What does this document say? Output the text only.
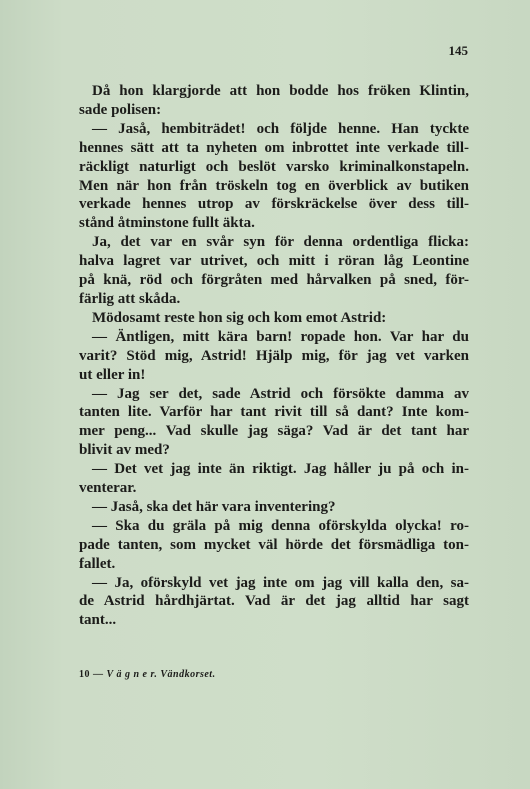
145
Då hon klargjorde att hon bodde hos fröken Klintin,
sade polisen:
— Jaså, hembiträdet! och följde henne. Han tyckte
hennes sätt att ta nyheten om inbrottet inte verkade till-
räckligt naturligt och beslöt varsko kriminalkonstapeln.
Men när hon från tröskeln tog en överblick av butiken
verkade hennes utrop av förskräckelse över dess till-
stånd åtminstone fullt äkta.
Ja, det var en svår syn för denna ordentliga flicka:
halva lagret var utrivet, och mitt i röran låg Leontine
på knä, röd och förgråten med hårvalken på sned, för-
färlig att skåda.
Mödosamt reste hon sig och kom emot Astrid:
— Äntligen, mitt kära barn! ropade hon. Var har du
varit? Stöd mig, Astrid! Hjälp mig, för jag vet varken
ut eller in!
— Jag ser det, sade Astrid och försökte damma av
tanten lite. Varför har tant rivit till så dant? Inte kom-
mer peng... Vad skulle jag säga? Vad är det tant har
blivit av med?
— Det vet jag inte än riktigt. Jag håller ju på och in-
venterar.
— Jaså, ska det här vara inventering?
— Ska du gräla på mig denna oförskylda olycka! ro-
pade tanten, som mycket väl hörde det försmädliga ton-
fallet.
— Ja, oförskyld vet jag inte om jag vill kalla den, sa-
de Astrid hårdhjärtat. Vad är det jag alltid har sagt
tant...
10 — V ä g n e r. Vändkorset.
